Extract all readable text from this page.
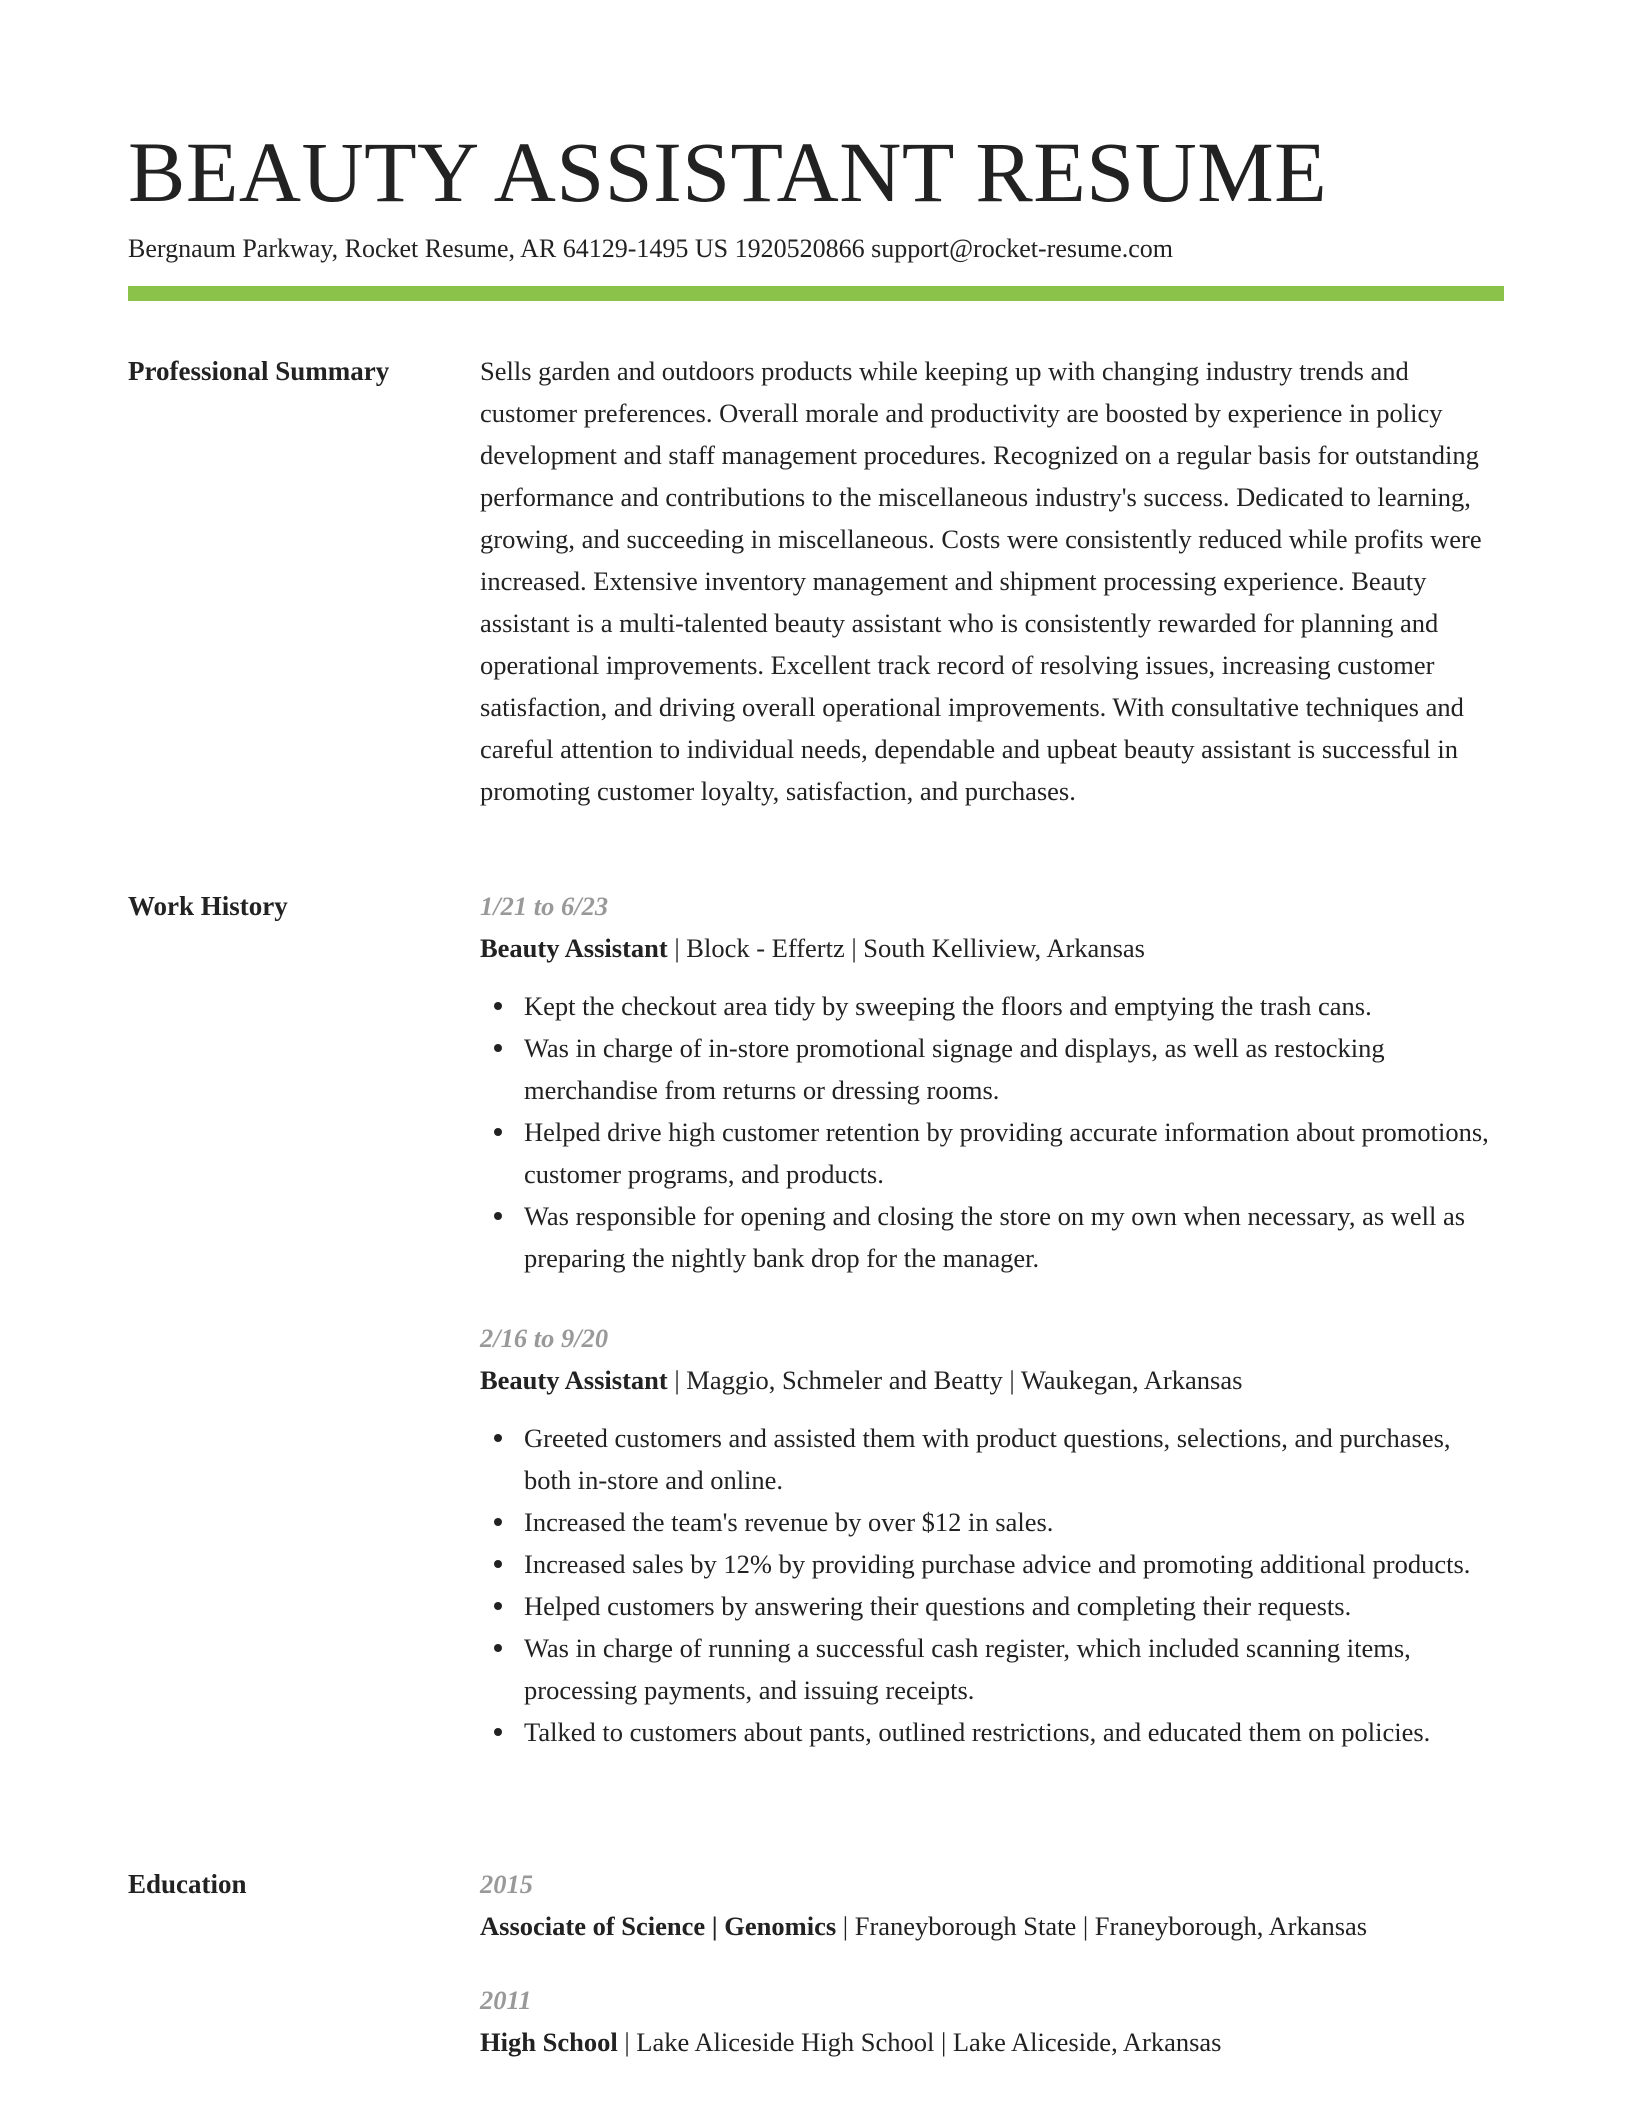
BEAUTY ASSISTANT RESUME
Bergnaum Parkway, Rocket Resume, AR 64129-1495 US 1920520866 support@rocket-resume.com
Professional Summary	Sells garden and outdoors products while keeping up with changing industry trends and customer preferences. Overall morale and productivity are boosted by experience in policy development and staff management procedures. Recognized on a regular basis for outstanding performance and contributions to the miscellaneous industry's success. Dedicated to learning, growing, and succeeding in miscellaneous. Costs were consistently reduced while profits were increased. Extensive inventory management and shipment processing experience. Beauty assistant is a multi-talented beauty assistant who is consistently rewarded for planning and operational improvements. Excellent track record of resolving issues, increasing customer satisfaction, and driving overall operational improvements. With consultative techniques and careful attention to individual needs, dependable and upbeat beauty assistant is successful in promoting customer loyalty, satisfaction, and purchases.

Work History	1/21 to 6/23
Beauty Assistant | Block - Effertz | South Kelliview, Arkansas
Kept the checkout area tidy by sweeping the floors and emptying the trash cans.
Was in charge of in-store promotional signage and displays, as well as restocking merchandise from returns or dressing rooms.
Helped drive high customer retention by providing accurate information about promotions, customer programs, and products.
Was responsible for opening and closing the store on my own when necessary, as well as preparing the nightly bank drop for the manager.
2/16 to 9/20
Beauty Assistant | Maggio, Schmeler and Beatty | Waukegan, Arkansas
Greeted customers and assisted them with product questions, selections, and purchases, both in-store and online.
Increased the team's revenue by over $12 in sales.
Increased sales by 12% by providing purchase advice and promoting additional products.
Helped customers by answering their questions and completing their requests.
Was in charge of running a successful cash register, which included scanning items, processing payments, and issuing receipts.
Talked to customers about pants, outlined restrictions, and educated them on policies.
Education	2015
Associate of Science | Genomics | Franeyborough State | Franeyborough, Arkansas
2011
High School | Lake Aliceside High School | Lake Aliceside, Arkansas
